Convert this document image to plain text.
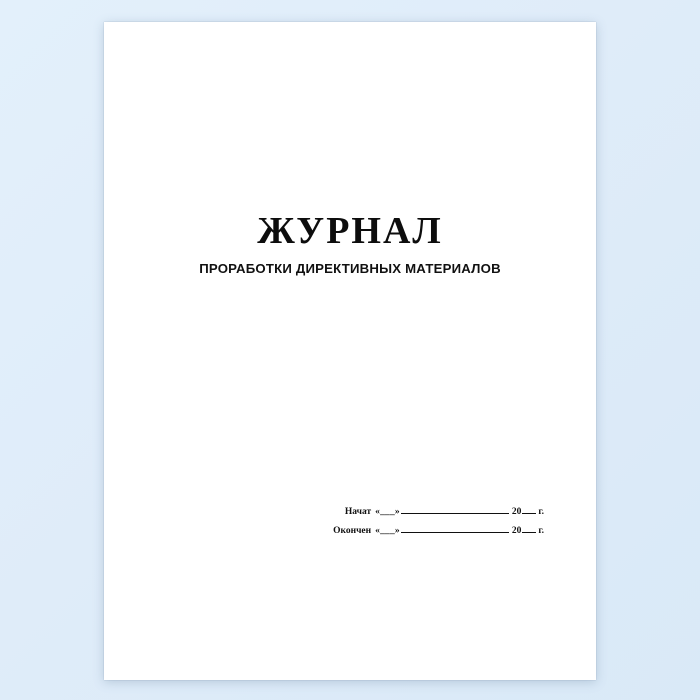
ЖУРНАЛ
ПРОРАБОТКИ ДИРЕКТИВНЫХ МАТЕРИАЛОВ
Начат «___»	20 г.
Окончен «___»	20 г.
